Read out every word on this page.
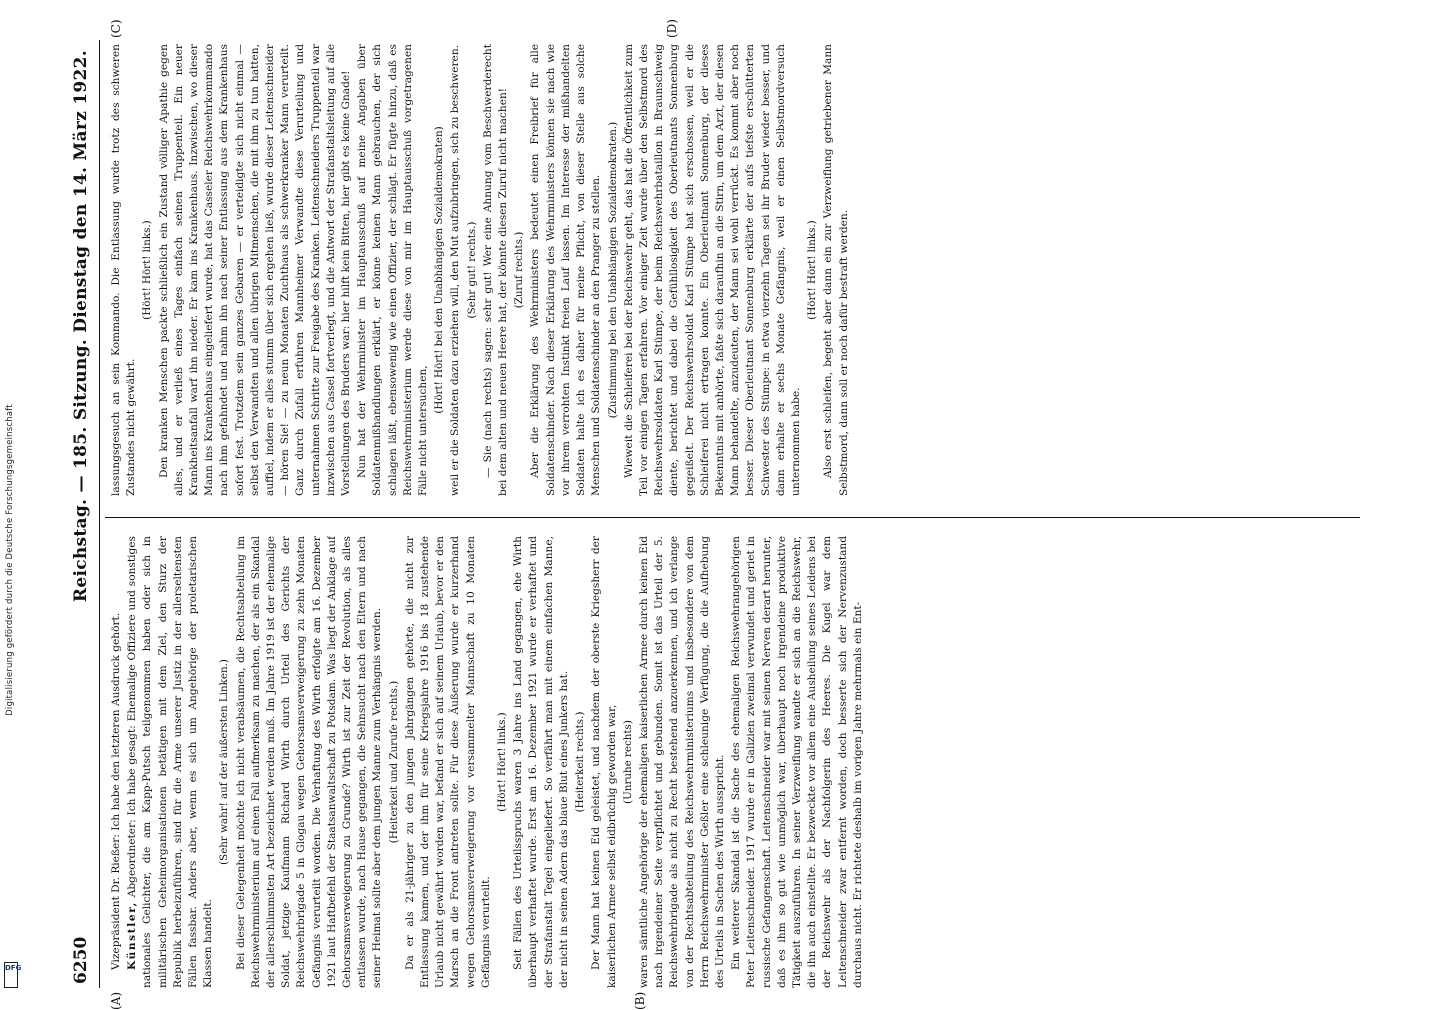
Digitalisierung gefördert durch die Deutsche Forschungsgemeinschaft
DFG	6250
Reichstag. — 185. Sitzung. Dienstag den 14. März 1922.
(A)	(B)
(C)	(D)

Vizepräsident Dr. Rießer: Ich habe den letzteren Ausdruck gehört. Künstler, Abgeordneter: Ich habe gesagt: Ehemalige Offiziere und sonstiges nationales Gelichter, die am Kapp-Putsch teilgenommen haben oder sich in militärischen Geheimorganisationen betätigen mit dem Ziel, den Sturz der Republik herbeizuführen, sind für die Arme unserer Justiz in der allerseltensten Fällen fassbar. Anders aber, wenn es sich um Angehörige der proletarischen Klassen handelt.

(Sehr wahr! auf der äußersten Linken.) Bei dieser Gelegenheit möchte ich nicht verabsäumen, die Rechtsabteilung im Reichswehrministerium auf einen Fall aufmerksam zu machen, der als ein Skandal der allerschlimmsten Art bezeichnet werden muß. Im Jahre 1919 ist der ehemalige Soldat, jetzige Kaufmann Richard Wirth durch Urteil des Gerichts der Reichswehrbrigade 5 in Glogau wegen Gehorsamsverweigerung zu zehn Monaten Gefängnis verurteilt worden. Die Verhaftung des Wirth erfolgte am 16. Dezember 1921 laut Haftbefehl der Staatsanwaltschaft zu Potsdam. Was liegt der Anklage auf Gehorsamsverweigerung zu Grunde? Wirth ist zur Zeit der Revolution, als alles entlassen wurde, nach Hause gegangen, die Sehnsucht nach den Eltern und nach seiner Heimat sollte aber dem jungen Manne zum Verhängnis werden. (Heiterkeit und Zurufe rechts.) Da er als 21-jähriger zu den jungen Jahrgängen gehörte, die nicht zur Entlassung kamen, und der ihm für seine Kriegsjahre 1916 bis 18 zustehende Urlaub nicht gewährt worden war, befand er sich auf seinem Urlaub, bevor er den Marsch an die Front antreten sollte. Für diese Äußerung wurde er kurzerhand wegen Gehorsamsverweigerung vor versammelter Mannschaft zu 10 Monaten Gefängnis verurteilt.

(Hört! Hört! links.) Seit Fällen des Urteilsspruchs waren 3 Jahre ins Land gegangen, ehe Wirth überhaupt verhaftet wurde. Erst am 16. Dezember 1921 wurde er verhaftet und der Strafanstalt Tegel eingeliefert. So verfährt man mit einem einfachen Manne, der nicht in seinen Adern das blaue Blut eines Junkers hat. (Heiterkeit rechts.) Der Mann hat keinen Eid geleistet, und nachdem der oberste Kriegsherr der kaiserlichen Armee selbst eidbrüchig geworden war, (Unruhe rechts) waren sämtliche Angehörige der ehemaligen kaiserlichen Armee durch keinen Eid nach irgendeiner Seite verpflichtet und gebunden. Somit ist das Urteil der 5. Reichswehrbrigade als nicht zu Recht bestehend anzuerkennen, und ich verlange von der Rechtsabteilung des Reichswehrministeriums und insbesondere von dem Herrn Reichswehrminister Geßler eine schleunige Verfügung, die die Aufhebung des Urteils in Sachen des Wirth ausspricht. Ein weiterer Skandal ist die Sache des ehemaligen Reichswehrangehörigen Peter Leitenschneider. 1917 wurde er in Galizien zweimal verwundet und geriet in russische Gefangenschaft. Leitenschneider war mit seinen Nerven derart herunter, daß es ihm so gut wie unmöglich war, überhaupt noch irgendeine produktive Tätigkeit auszuführen. In seiner Verzweiflung wandte er sich an die Reichswehr, die ihn auch einstellte. Er bezweckte vor allem eine Ausheilung seines Leidens bei der Reichswehr als der Nachfolgerin des Heeres. Die Kugel war dem Leitenschneider zwar entfernt worden, doch besserte sich der Nervenzustand durchaus nicht. Er richtete deshalb im vorigen Jahre mehrmals ein Ent-

lassungsgesuch an sein Kommando. Die Entlassung wurde trotz des schweren Zustandes nicht gewährt.

(Hört! Hört! links.) Den kranken Menschen packte schließlich ein Zustand völliger Apathie gegen alles, und er verließ eines Tages einfach seinen Truppenteil. Ein neuer Krankheitsanfall warf ihn nieder. Er kam ins Krankenhaus. Inzwischen, wo dieser Mann ins Krankenhaus eingeliefert wurde, hat das Casseler Reichswehrkommando nach ihm gefahndet und nahm ihn nach seiner Entlassung aus dem Krankenhaus sofort fest. Trotzdem sein ganzes Gebaren — er verteidigte sich nicht einmal — selbst den Verwandten und allen übrigen Mitmenschen, die mit ihm zu tun hatten, auffiel, indem er alles stumm über sich ergehen ließ, wurde dieser Leitenschneider — hören Sie! — zu neun Monaten Zuchthaus als schwerkranker Mann verurteilt. Ganz durch Zufall erfuhren Mannheimer Verwandte diese Verurteilung und unternahmen Schritte zur Freigabe des Kranken. Leitenschneiders Truppenteil war inzwischen aus Cassel fortverlegt, und die Antwort der Strafanstaltsleitung auf alle Vorstellungen des Bruders war: hier hilft kein Bitten, hier gibt es keine Gnade! Nun hat der Wehrminister im Hauptausschuß auf meine Angaben über Soldatenmißhandlungen erklärt, er könne keinen Mann gebrauchen, der sich schlagen läßt, ebensowenig wie einen Offizier, der schlägt. Er fügte hinzu, daß es Reichswehrministerium werde diese von mir im Hauptausschuß vorgetragenen Fälle nicht untersuchen,

(Hört! Hört! bei den Unabhängigen Sozialdemokraten) weil er die Soldaten dazu erziehen will, den Mut aufzubringen, sich zu beschweren. (Sehr gut! rechts.) — Sie (nach rechts) sagen: sehr gut! Wer eine Ahnung vom Beschwerderecht bei dem alten und neuen Heere hat, der könnte diesen Zuruf nicht machen! (Zuruf rechts.) Aber die Erklärung des Wehrministers bedeutet einen Freibrief für alle Soldatenschinder. Nach dieser Erklärung des Wehrministers können sie nach wie vor ihrem verrohten Instinkt freien Lauf lassen. Im Interesse der mißhandelten Soldaten halte ich es daher für meine Pflicht, von dieser Stelle aus solche Menschen und Soldatenschinder an den Pranger zu stellen. (Zustimmung bei den Unabhängigen Sozialdemokraten.) Wieweit die Schleiferei bei der Reichswehr geht, das hat die Öffentlichkeit zum Teil vor einigen Tagen erfahren. Vor einiger Zeit wurde über den Selbstmord des Reichswehrsoldaten Karl Stümpe, der beim Reichswehrbataillon in Braunschweig diente, berichtet und dabei die Gefühllosigkeit des Oberleutnants Sonnenburg gegeißelt. Der Reichswehrsoldat Karl Stümpe hat sich erschossen, weil er die Schleiferei nicht ertragen konnte. Ein Oberleutnant Sonnenburg, der dieses Bekenntnis mit anhörte, faßte sich daraufhin an die Stirn, um dem Arzt, der diesen Mann behandelte, anzudeuten, der Mann sei wohl verrückt. Es kommt aber noch besser. Dieser Oberleutnant Sonnenburg erklärte der aufs tiefste erschütterten Schwester des Stümpe: in etwa vierzehn Tagen sei ihr Bruder wieder besser, und dann erhalte er sechs Monate Gefängnis, weil er einen Selbstmordversuch unternommen habe.

(Hört! Hört! links.) Also erst schleifen, begeht aber dann ein zur Verzweiflung getriebener Mann Selbstmord, dann soll er noch dafür bestraft werden.
